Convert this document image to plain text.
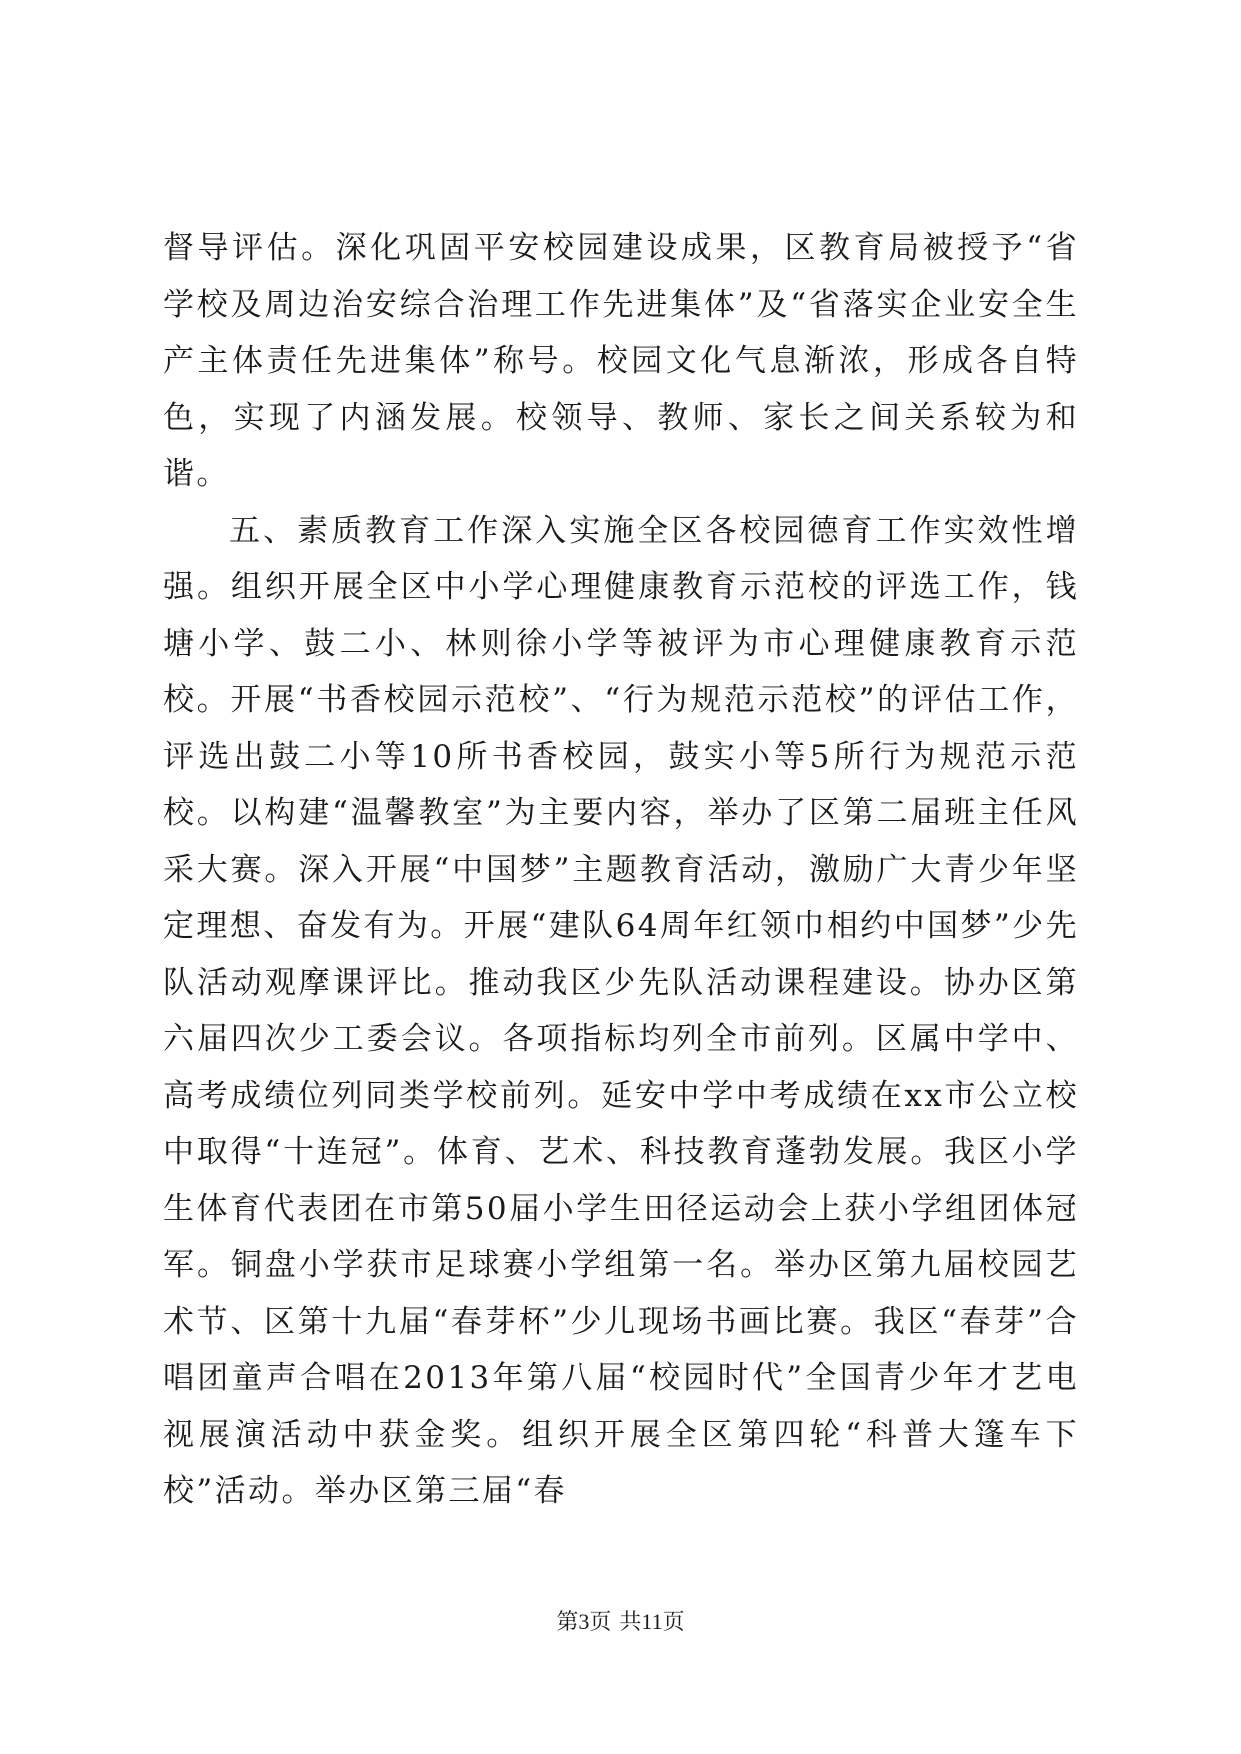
督导评估。深化巩固平安校园建设成果，区教育局被授予“省学校及周边治安综合治理工作先进集体”及“省落实企业安全生产主体责任先进集体”称号。校园文化气息渐浓，形成各自特色，实现了内涵发展。校领导、教师、家长之间关系较为和谐。

五、素质教育工作深入实施全区各校园德育工作实效性增强。组织开展全区中小学心理健康教育示范校的评选工作，钱塘小学、鼓二小、林则徐小学等被评为市心理健康教育示范校。开展“书香校园示范校”、“行为规范示范校”的评估工作，评选出鼓二小等10所书香校园，鼓实小等5所行为规范示范校。以构建“温馨教室”为主要内容，举办了区第二届班主任风采大赛。深入开展“中国梦”主题教育活动，激励广大青少年坚定理想、奋发有为。开展“建队64周年红领巾相约中国梦”少先队活动观摩课评比。推动我区少先队活动课程建设。协办区第六届四次少工委会议。各项指标均列全市前列。区属中学中、高考成绩位列同类学校前列。延安中学中考成绩在xx市公立校中取得“十连冠”。体育、艺术、科技教育蓬勃发展。我区小学生体育代表团在市第50届小学生田径运动会上获小学组团体冠军。铜盘小学获市足球赛小学组第一名。举办区第九届校园艺术节、区第十九届“春芽杯”少儿现场书画比赛。我区“春芽”合唱团童声合唱在2013年第八届“校园时代”全国青少年才艺电视展演活动中获金奖。组织开展全区第四轮“科普大篷车下校”活动。举办区第三届“春

第3页 共11页
